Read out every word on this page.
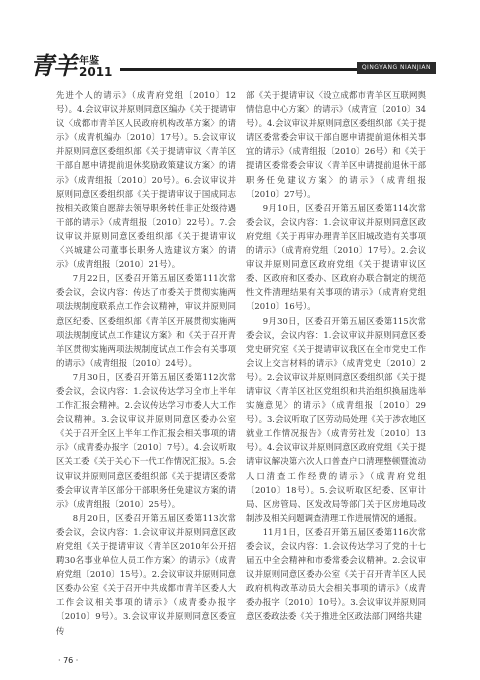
青羊 年鉴
2011	QINGYANG NIANJIAN

先进个人的请示》（成青府党组〔2010〕12号）。4.会议审议并原则同意区编办《关于提请审议〈成都市青羊区人民政府机构改革方案〉的请示》（成青机编办〔2010〕17号）。5.会议审议并原则同意区委组织部《关于提请审议〈青羊区干部自愿申请提前退休奖励政策建议方案〉的请示》（成青组报〔2010〕20号）。6.会议审议并原则同意区委组织部《关于提请审议于国成同志按相关政策自愿辞去领导职务转任非正处级待遇干部的请示》（成青组报〔2010〕22号）。7.会议审议并原则同意区委组织部《关于提请审议〈兴城建公司董事长职务人选建议方案〉的请示》（成青组报〔2010〕21号）。

7月22日，区委召开第五届区委第111次常委会议，会议内容：传达了市委关于贯彻实施两项法规制度联系点工作会议精神，审议并原则同意区纪委、区委组织部《青羊区开展贯彻实施两项法规制度试点工作建议方案》和《关于召开青羊区贯彻实施两项法规制度试点工作会有关事项的请示》（成青组报〔2010〕24号）。

7月30日，区委召开第五届区委第112次常委会议，会议内容：1.会议传达学习全市上半年工作汇报会精神。2.会议传达学习市委人大工作会议精神。3.会议审议并原则同意区委办公室《关于召开全区上半年工作汇报会相关事项的请示》（成青委办报字〔2010〕7号）。4.会议听取区关工委《关于关心下一代工作情况汇报》。5.会议审议并原则同意区委组织部《关于提请区委常委会审议青羊区部分干部职务任免建议方案的请示》（成青组报〔2010〕25号）。

8月20日，区委召开第五届区委第113次常委会议，会议内容：1.会议审议并原则同意区政府党组《关于提请审议〈青羊区2010年公开招聘30名事业单位人员工作方案〉的请示》（成青府党组〔2010〕15号）。2.会议审议并原则同意区委办公室《关于召开中共成都市青羊区委人大工作会议相关事项的请示》（成青委办报字〔2010〕9号）。3.会议审议并原则同意区委宣传

部《关于提请审议〈设立成都市青羊区互联网舆情信息中心方案〉的请示》（成青宣〔2010〕34号）。4.会议审议并原则同意区委组织部《关于提请区委常委会审议干部自愿申请提前退休相关事宜的请示》（成青组报〔2010〕26号）和《关于提请区委常委会审议〈青羊区申请提前退休干部职务任免建议方案〉的请示》（成青组报〔2010〕27号）。

9月10日，区委召开第五届区委第114次常委会议，会议内容：1.会议审议并原则同意区政府党组《关于再审办理青羊区旧城改造有关事项的请示》（成青府党组〔2010〕17号）。2.会议审议并原则同意区政府党组《关于提请审议区委、区政府和区委办、区政府办联合制定的规范性文件清理结果有关事项的请示》（成青府党组〔2010〕16号）。

9月30日，区委召开第五届区委第115次常委会议，会议内容：1.会议审议并原则同意区委党史研究室《关于提请审议我区在全市党史工作会议上交言材料的请示》（成青党史〔2010〕2号）。2.会议审议并原则同意区委组织部《关于提请审议〈青羊区社区党组织和共治组织换届选举实施意见〉的请示》（成青组报〔2010〕29号）。3.会议听取了区劳动局处理《关于涉农地区就业工作情况报告》（成青劳社发〔2010〕13号）。4.会议审议并原则同意区政府党组《关于提请审议解决第六次人口普查户口清理整顿暨流动人口清查工作经费的请示》（成青府党组〔2010〕18号）。5.会议听取区纪委、区审计局、区房管局、区发改局等部门关于区房地局改制涉及相关问题调查清理工作进展情况的通报。

11月1日，区委召开第五届区委第116次常委会议，会议内容：1.会议传达学习了党的十七届五中全会精神和市委常委会议精神。2.会议审议并原则同意区委办公室《关于召开青羊区人民政府机构改革动员大会相关事项的请示》（成青委办报字〔2010〕10号）。3.会议审议并原则同意区委政法委《关于推进全区政法部门网络共建

· 76 ·
